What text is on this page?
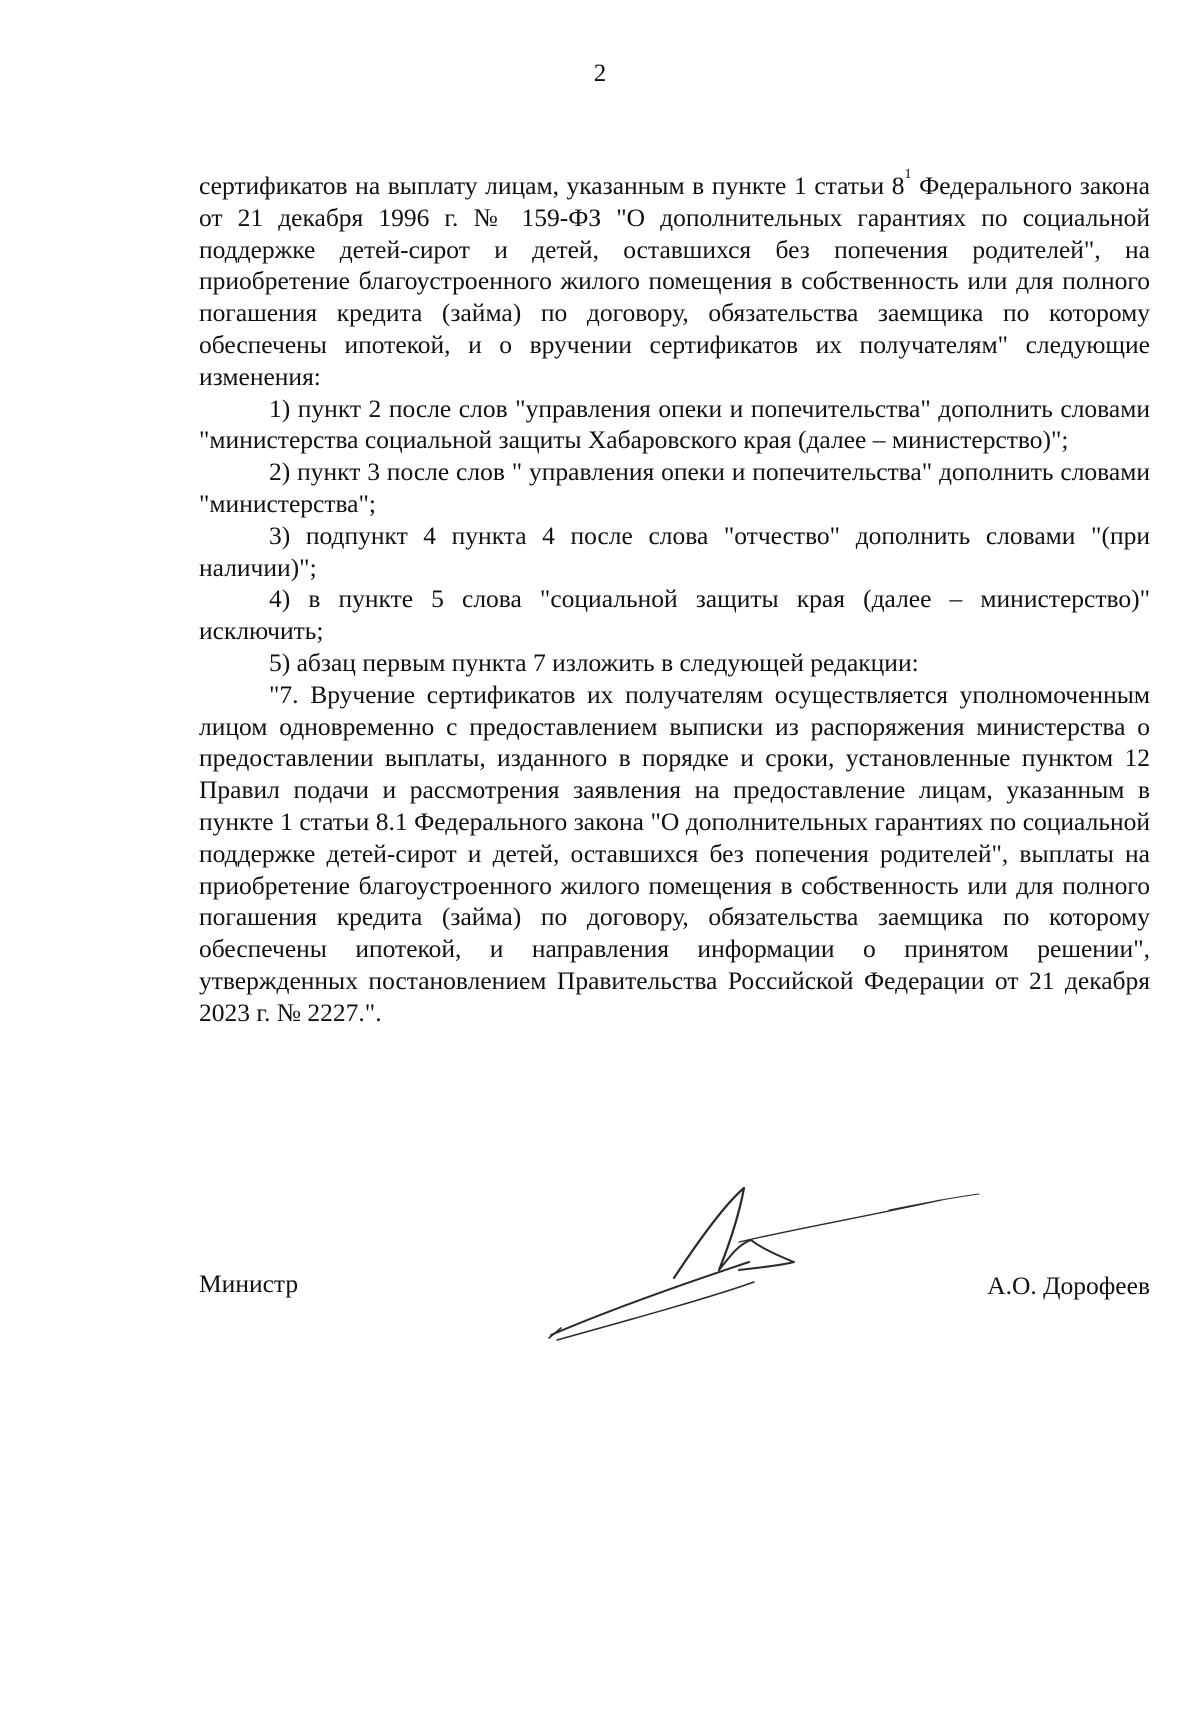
2

сертификатов на выплату лицам, указанным в пункте 1 статьи $8^1$ Федерального закона от 21 декабря 1996 г. № 159-ФЗ "О дополнительных гарантиях по социальной поддержке детей-сирот и детей, оставшихся без попечения родителей", на приобретение благоустроенного жилого помещения в собственность или для полного погашения кредита (займа) по договору, обязательства заемщика по которому обеспечены ипотекой, и о вручении сертификатов их получателям" следующие изменения:

1) пункт 2 после слов "управления опеки и попечительства" дополнить словами "министерства социальной защиты Хабаровского края (далее – министерство)";

2) пункт 3 после слов " управления опеки и попечительства" дополнить словами "министерства";

3) подпункт 4 пункта 4 после слова "отчество" дополнить словами "(при наличии)";

4) в пункте 5 слова "социальной защиты края (далее – министерство)" исключить;

5) абзац первым пункта 7 изложить в следующей редакции:

"7. Вручение сертификатов их получателям осуществляется уполномоченным лицом одновременно с предоставлением выписки из распоряжения министерства о предоставлении выплаты, изданного в порядке и сроки, установленные пунктом 12 Правил подачи и рассмотрения заявления на предоставление лицам, указанным в пункте 1 статьи 8.1 Федерального закона "О дополнительных гарантиях по социальной поддержке детей-сирот и детей, оставшихся без попечения родителей", выплаты на приобретение благоустроенного жилого помещения в собственность или для полного погашения кредита (займа) по договору, обязательства заемщика по которому обеспечены ипотекой, и направления информации о принятом решении", утвержденных постановлением Правительства Российской Федерации от 21 декабря 2023 г. № 2227.".

Министр	А.О. Дорофеев
